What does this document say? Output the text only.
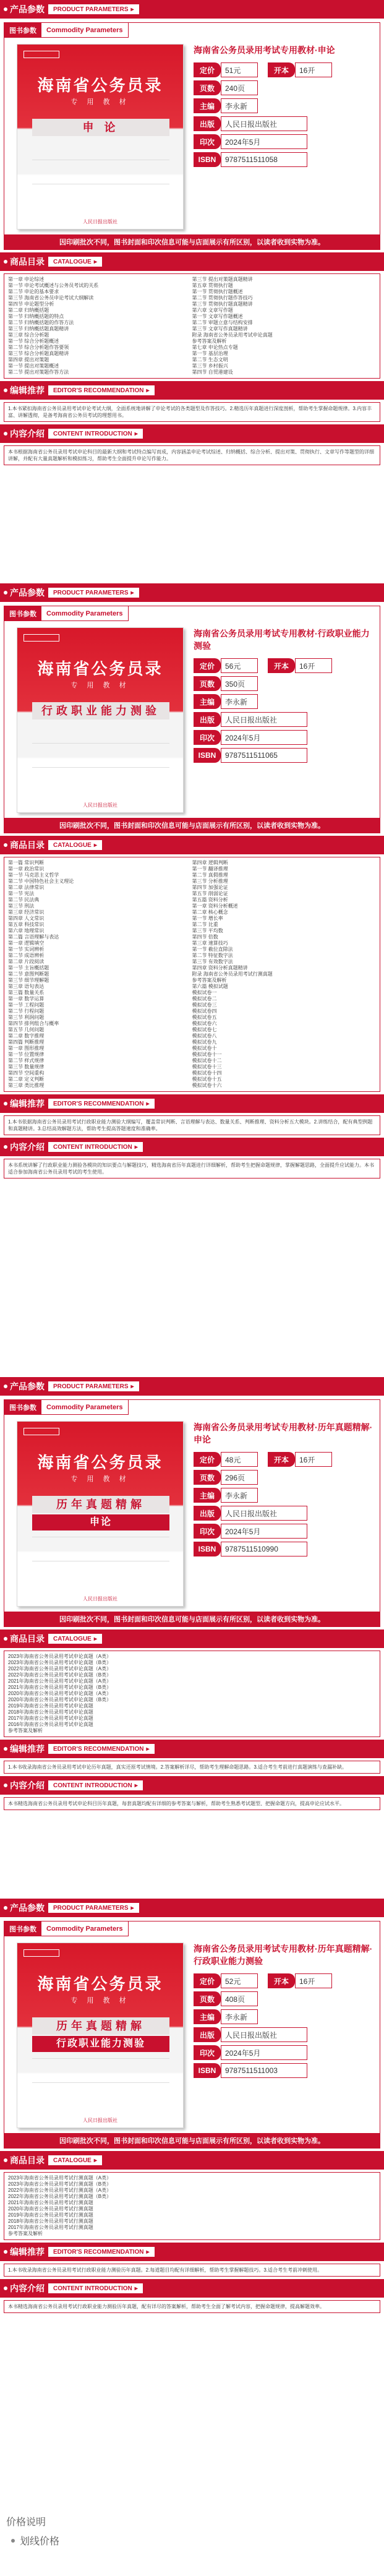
产品参数	PRODUCT PARAMETERS ▸
图书参数	Commodity Parameters
海南省公务员录
专 用 教 材
申 论
人民日报出版社
海南省公务员录用考试专用教材·申论
定价	51元	开本	16开
页数	240页
主编	李永新
出版	人民日报出版社
印次	2024年5月
ISBN	9787511511058
因印刷批次不同，图书封面和印次信息可能与店面展示有所区别，以读者收到实物为准。
商品目录	CATALOGUE ▸
第一章 申论综述
第一节 申论考试概述与公务员考试的关系
第二节 申论的基本要求
第三节 海南省公务员申论考试大纲解读
第四节 申论题型分析
第二章 归纳概括题
第一节 归纳概括题的特点
第二节 归纳概括题的作答方法
第三节 归纳概括题真题精讲
第三章 综合分析题
第一节 综合分析题概述
第二节 综合分析题作答要领
第三节 综合分析题真题精讲
第四章 提出对策题
第一节 提出对策题概述
第二节 提出对策题作答方法
第三节 提出对策题真题精讲
第五章 贯彻执行题
第一节 贯彻执行题概述
第二节 贯彻执行题作答技巧
第三节 贯彻执行题真题精讲
第六章 文章写作题
第一节 文章写作题概述
第二节 审题立意与结构安排
第三节 文章写作真题精讲
附录 海南省公务员录用考试申论真题
参考答案及解析
第七章 申论热点专题
第一节 基层治理
第二节 生态文明
第三节 乡村振兴
第四节 自贸港建设
编辑推荐	EDITOR'S RECOMMENDATION ▸

1.本书紧扣海南省公务员录用考试申论考试大纲，全面系统地讲解了申论考试的各类题型及作答技巧。2.精选历年真题进行深度剖析，帮助考生掌握命题规律。3.内容丰富、讲解透彻，是备考海南省公务员考试的理想用书。

内容介绍	CONTENT INTRODUCTION ▸

本书根据海南省公务员录用考试申论科目的最新大纲和考试特点编写而成，内容涵盖申论考试综述、归纳概括、综合分析、提出对策、贯彻执行、文章写作等题型的详细讲解，并配有大量真题解析和模拟练习，帮助考生全面提升申论写作能力。

产品参数	PRODUCT PARAMETERS ▸
图书参数	Commodity Parameters
海南省公务员录
专 用 教 材
行政职业能力测验
人民日报出版社
海南省公务员录用考试专用教材·行政职业能力测验
定价	56元	开本	16开
页数	350页
主编	李永新
出版	人民日报出版社
印次	2024年5月
ISBN	9787511511065
因印刷批次不同，图书封面和印次信息可能与店面展示有所区别，以读者收到实物为准。
商品目录	CATALOGUE ▸
第一篇 常识判断
第一章 政治常识
第一节 马克思主义哲学
第二节 中国特色社会主义理论
第二章 法律常识
第一节 宪法
第二节 民法典
第三节 刑法
第三章 经济常识
第四章 人文常识
第五章 科技常识
第六章 地理常识
第二篇 言语理解与表达
第一章 逻辑填空
第一节 实词辨析
第二节 成语辨析
第二章 片段阅读
第一节 主旨概括题
第二节 意图判断题
第三节 细节理解题
第三章 语句表达
第三篇 数量关系
第一章 数学运算
第一节 工程问题
第二节 行程问题
第三节 利润问题
第四节 排列组合与概率
第五节 几何问题
第二章 数字推理
第四篇 判断推理
第一章 图形推理
第一节 位置规律
第二节 样式规律
第三节 数量规律
第四节 空间重构
第二章 定义判断
第三章 类比推理
第四章 逻辑判断
第一节 翻译推理
第二节 真假推理
第三节 分析推理
第四节 加强论证
第五节 削弱论证
第五篇 资料分析
第一章 资料分析概述
第二章 核心概念
第一节 增长率
第二节 比重
第三节 平均数
第四节 倍数
第三章 速算技巧
第一节 截位直除法
第二节 特征数字法
第三节 有效数字法
第四章 资料分析真题精讲
附录 海南省公务员录用考试行测真题
参考答案及解析
第六篇 模拟试题
模拟试卷一
模拟试卷二
模拟试卷三
模拟试卷四
模拟试卷五
模拟试卷六
模拟试卷七
模拟试卷八
模拟试卷九
模拟试卷十
模拟试卷十一
模拟试卷十二
模拟试卷十三
模拟试卷十四
模拟试卷十五
模拟试卷十六
编辑推荐	EDITOR'S RECOMMENDATION ▸

1.本书依据海南省公务员录用考试行政职业能力测验大纲编写，覆盖常识判断、言语理解与表达、数量关系、判断推理、资料分析五大模块。2.讲练结合，配有典型例题和真题精讲。3.总结高效解题方法，帮助考生提高答题速度和准确率。

内容介绍	CONTENT INTRODUCTION ▸

本书系统讲解了行政职业能力测验各模块的知识要点与解题技巧，精选海南省历年真题进行详细解析，帮助考生把握命题规律，掌握解题思路，全面提升应试能力。本书适合参加海南省公务员录用考试的考生使用。

产品参数	PRODUCT PARAMETERS ▸
图书参数	Commodity Parameters
海南省公务员录
专 用 教 材
历年真题精解
申论
人民日报出版社
海南省公务员录用考试专用教材·历年真题精解·申论
定价	48元	开本	16开
页数	296页
主编	李永新
出版	人民日报出版社
印次	2024年5月
ISBN	9787511510990
因印刷批次不同，图书封面和印次信息可能与店面展示有所区别，以读者收到实物为准。
商品目录	CATALOGUE ▸
2023年海南省公务员录用考试申论真题（A类）
2023年海南省公务员录用考试申论真题（B类）
2022年海南省公务员录用考试申论真题（A类）
2022年海南省公务员录用考试申论真题（B类）
2021年海南省公务员录用考试申论真题（A类）
2021年海南省公务员录用考试申论真题（B类）
2020年海南省公务员录用考试申论真题（A类）
2020年海南省公务员录用考试申论真题（B类）
2019年海南省公务员录用考试申论真题
2018年海南省公务员录用考试申论真题
2017年海南省公务员录用考试申论真题
2016年海南省公务员录用考试申论真题
参考答案及解析
编辑推荐	EDITOR'S RECOMMENDATION ▸

1.本书收录海南省公务员录用考试申论历年真题，真实还原考试情境。2.答案解析详尽，帮助考生理解命题思路。3.适合考生考前进行真题演练与查漏补缺。

内容介绍	CONTENT INTRODUCTION ▸

本书精选海南省公务员录用考试申论科目历年真题，每套真题均配有详细的参考答案与解析，帮助考生熟悉考试题型、把握命题方向，提高申论应试水平。

产品参数	PRODUCT PARAMETERS ▸
图书参数	Commodity Parameters
海南省公务员录
专 用 教 材
历年真题精解
行政职业能力测验
人民日报出版社
海南省公务员录用考试专用教材·历年真题精解·行政职业能力测验
定价	52元	开本	16开
页数	408页
主编	李永新
出版	人民日报出版社
印次	2024年5月
ISBN	9787511511003
因印刷批次不同，图书封面和印次信息可能与店面展示有所区别，以读者收到实物为准。
商品目录	CATALOGUE ▸
2023年海南省公务员录用考试行测真题（A类）
2023年海南省公务员录用考试行测真题（B类）
2022年海南省公务员录用考试行测真题（A类）
2022年海南省公务员录用考试行测真题（B类）
2021年海南省公务员录用考试行测真题
2020年海南省公务员录用考试行测真题
2019年海南省公务员录用考试行测真题
2018年海南省公务员录用考试行测真题
2017年海南省公务员录用考试行测真题
参考答案及解析
编辑推荐	EDITOR'S RECOMMENDATION ▸

1.本书收录海南省公务员录用考试行政职业能力测验历年真题。2.每道题目均配有详细解析，帮助考生掌握解题技巧。3.适合考生考前冲刺使用。

内容介绍	CONTENT INTRODUCTION ▸

本书精选海南省公务员录用考试行政职业能力测验历年真题，配有详尽的答案解析，帮助考生全面了解考试内容，把握命题规律，提高解题效率。

价格说明
划线价格
